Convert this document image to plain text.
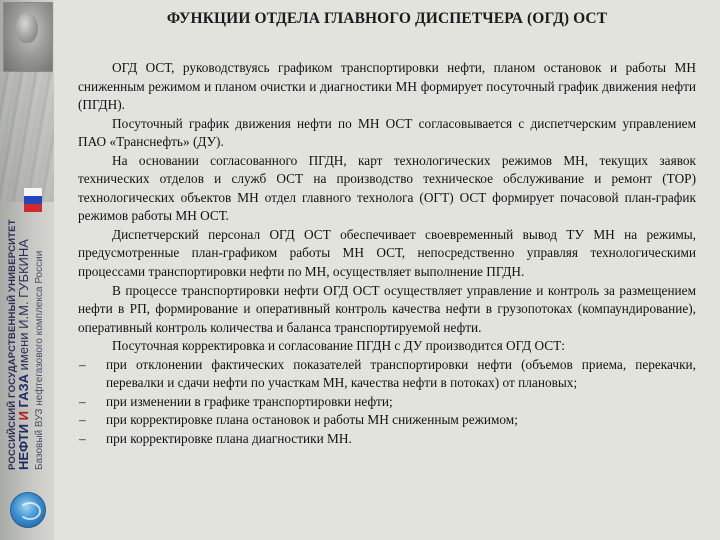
РОССИЙСКИЙ ГОСУДАРСТВЕННЫЙ УНИВЕРСИТЕТ
НЕФТИ И ГАЗА имени И.М. ГУБКИНА Базовый ВУЗ нефтегазового комплекса России
ФУНКЦИИ ОТДЕЛА ГЛАВНОГО ДИСПЕТЧЕРА (ОГД) ОСТ

ОГД ОСТ, руководствуясь графиком транспортировки нефти, планом остановок и работы МН сниженным режимом и планом очистки и диагностики МН формирует посуточный график движения нефти (ПГДН).

Посуточный график движения нефти по МН ОСТ согласовывается с диспетчерским управлением ПАО «Транснефть» (ДУ).

На основании согласованного ПГДН, карт технологических режимов МН, текущих заявок технических отделов и служб ОСТ на производство техническое обслуживание и ремонт (ТОР) технологических объектов МН отдел главного технолога (ОГТ) ОСТ формирует почасовой план-график режимов работы МН ОСТ.

Диспетчерский персонал ОГД ОСТ обеспечивает своевременный вывод ТУ МН на режимы, предусмотренные план-графиком работы МН ОСТ, непосредственно управляя технологическими процессами транспортировки нефти по МН, осуществляет выполнение ПГДН.

В процессе транспортировки нефти ОГД ОСТ осуществляет управление и контроль за размещением нефти в РП, формирование и оперативный контроль качества нефти в грузопотоках (компаундирование), оперативный контроль количества и баланса транспортируемой нефти.

Посуточная корректировка и согласование ПГДН с ДУ производится ОГД ОСТ:

– при отклонении фактических показателей транспортировки нефти (объемов приема, перекачки, перевалки и сдачи нефти по участкам МН, качества нефти в потоках) от плановых;
– при изменении в графике транспортировки нефти;
– при корректировке плана остановок и работы МН сниженным режимом;
– при корректировке плана диагностики МН.
